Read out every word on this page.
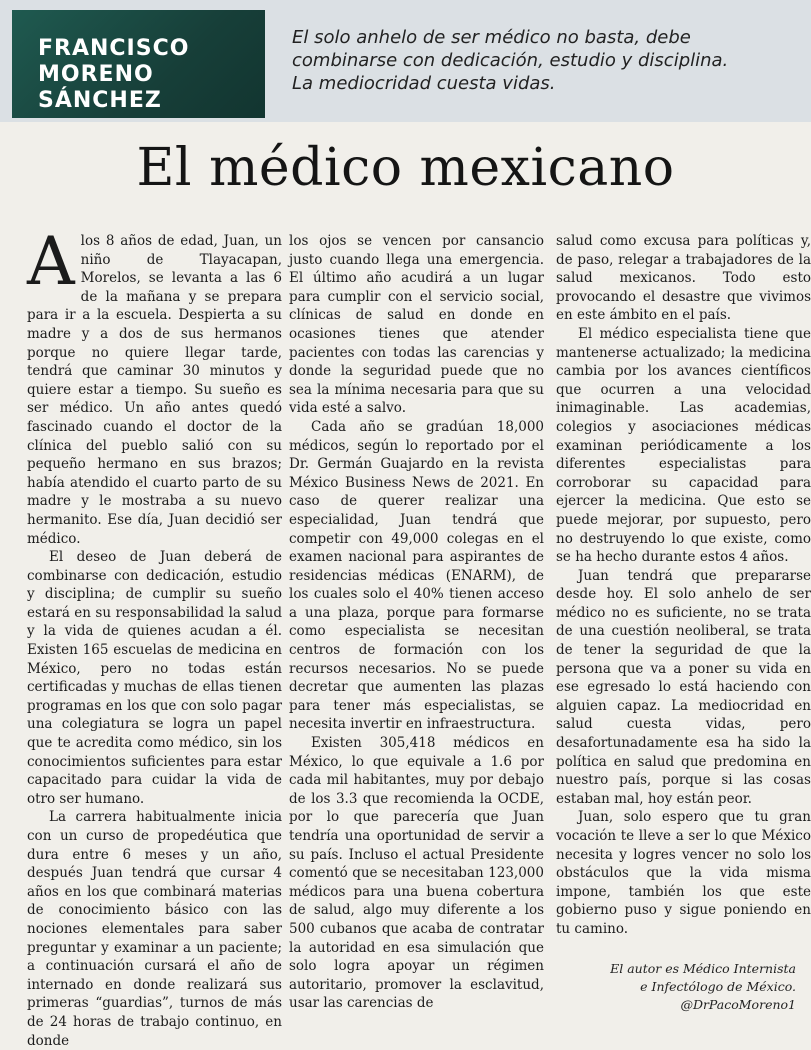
FRANCISCO
MORENO
SÁNCHEZ
El solo anhelo de ser médico no basta, debe
combinarse con dedicación, estudio y disciplina.
La mediocridad cuesta vidas.
El médico mexicano
A los 8 años de edad, Juan, un niño de Tlayacapan, Morelos, se levanta a las 6 de la mañana y se prepara para ir a la escuela. Despierta a su madre y a dos de sus hermanos porque no quiere llegar tarde, tendrá que caminar 30 minutos y quiere estar a tiempo. Su sueño es ser médico. Un año antes quedó fascinado cuando el doctor de la clínica del pueblo salió con su pequeño hermano en sus brazos; había atendido el cuarto parto de su madre y le mostraba a su nuevo hermanito. Ese día, Juan decidió ser médico.

El deseo de Juan deberá de combinarse con dedicación, estudio y disciplina; de cumplir su sueño estará en su responsabilidad la salud y la vida de quienes acudan a él. Existen 165 escuelas de medicina en México, pero no todas están certificadas y muchas de ellas tienen programas en los que con solo pagar una colegiatura se logra un papel que te acredita como médico, sin los conocimientos suficientes para estar capacitado para cuidar la vida de otro ser humano.

La carrera habitualmente inicia con un curso de propedéutica que dura entre 6 meses y un año, después Juan tendrá que cursar 4 años en los que combinará materias de conocimiento básico con las nociones elementales para saber preguntar y examinar a un paciente; a continuación cursará el año de internado en donde realizará sus primeras “guardias”, turnos de más de 24 horas de trabajo continuo, en donde

los ojos se vencen por cansancio justo cuando llega una emergencia. El último año acudirá a un lugar para cumplir con el servicio social, clínicas de salud en donde en ocasiones tienes que atender pacientes con todas las carencias y donde la seguridad puede que no sea la mínima necesaria para que su vida esté a salvo.

Cada año se gradúan 18,000 médicos, según lo reportado por el Dr. Germán Guajardo en la revista México Business News de 2021. En caso de querer realizar una especialidad, Juan tendrá que competir con 49,000 colegas en el examen nacional para aspirantes de residencias médicas (ENARM), de los cuales solo el 40% tienen acceso a una plaza, porque para formarse como especialista se necesitan centros de formación con los recursos necesarios. No se puede decretar que aumenten las plazas para tener más especialistas, se necesita invertir en infraestructura.

Existen 305,418 médicos en México, lo que equivale a 1.6 por cada mil habitantes, muy por debajo de los 3.3 que recomienda la OCDE, por lo que parecería que Juan tendría una oportunidad de servir a su país. Incluso el actual Presidente comentó que se necesitaban 123,000 médicos para una buena cobertura de salud, algo muy diferente a los 500 cubanos que acaba de contratar la autoridad en esa simulación que solo logra apoyar un régimen autoritario, promover la esclavitud, usar las carencias de

salud como excusa para políticas y, de paso, relegar a trabajadores de la salud mexicanos. Todo esto provocando el desastre que vivimos en este ámbito en el país.

El médico especialista tiene que mantenerse actualizado; la medicina cambia por los avances científicos que ocurren a una velocidad inimaginable. Las academias, colegios y asociaciones médicas examinan periódicamente a los diferentes especialistas para corroborar su capacidad para ejercer la medicina. Que esto se puede mejorar, por supuesto, pero no destruyendo lo que existe, como se ha hecho durante estos 4 años.

Juan tendrá que prepararse desde hoy. El solo anhelo de ser médico no es suficiente, no se trata de una cuestión neoliberal, se trata de tener la seguridad de que la persona que va a poner su vida en ese egresado lo está haciendo con alguien capaz. La mediocridad en salud cuesta vidas, pero desafortunadamente esa ha sido la política en salud que predomina en nuestro país, porque si las cosas estaban mal, hoy están peor.

Juan, solo espero que tu gran vocación te lleve a ser lo que México necesita y logres vencer no solo los obstáculos que la vida misma impone, también los que este gobierno puso y sigue poniendo en tu camino.

El autor es Médico Internista
e Infectólogo de México.
@DrPacoMoreno1
